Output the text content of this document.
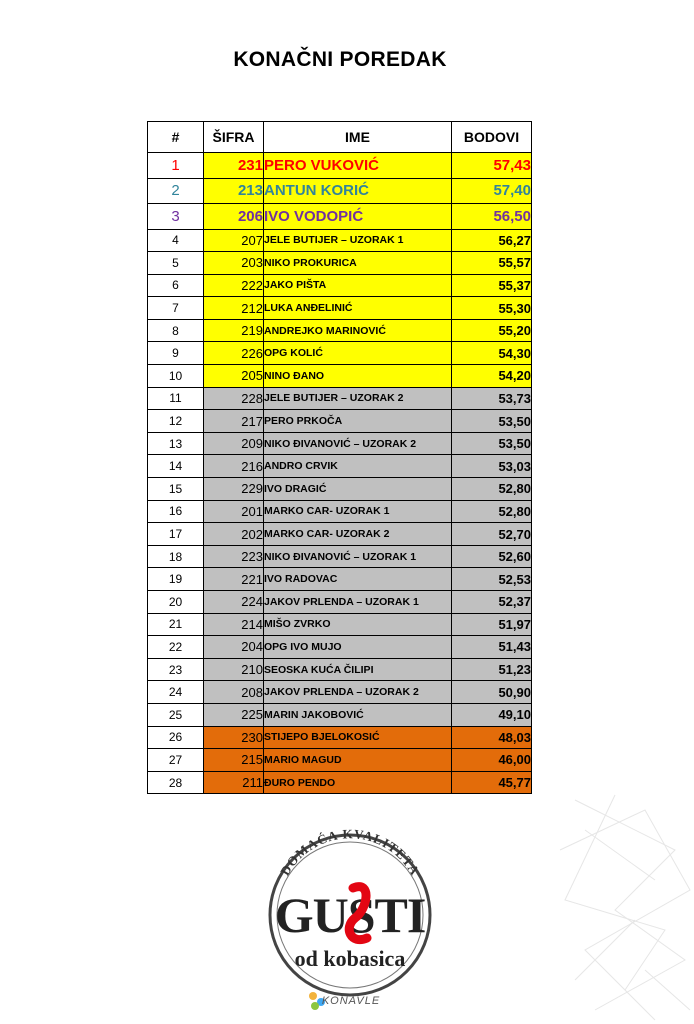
KONAČNI POREDAK
#	ŠIFRA	IME	BODOVI
1	231	PERO VUKOVIĆ	57,43
2	213	ANTUN KORIĆ	57,40
3	206	IVO VODOPIĆ	56,50
4	207	JELE BUTIJER – UZORAK 1	56,27
5	203	NIKO PROKURICA	55,57
6	222	JAKO PIŠTA	55,37
7	212	LUKA ANĐELINIĆ	55,30
8	219	ANDREJKO MARINOVIĆ	55,20
9	226	OPG KOLIĆ	54,30
10	205	NINO ĐANO	54,20
11	228	JELE BUTIJER – UZORAK 2	53,73
12	217	PERO PRKOČA	53,50
13	209	NIKO ĐIVANOVIĆ – UZORAK 2	53,50
14	216	ANDRO CRVIK	53,03
15	229	IVO DRAGIĆ	52,80
16	201	MARKO CAR- UZORAK 1	52,80
17	202	MARKO CAR- UZORAK 2	52,70
18	223	NIKO ĐIVANOVIĆ – UZORAK 1	52,60
19	221	IVO RADOVAC	52,53
20	224	JAKOV PRLENDA – UZORAK 1	52,37
21	214	MIŠO ZVRKO	51,97
22	204	OPG IVO MUJO	51,43
23	210	SEOSKA KUĆA ČILIPI	51,23
24	208	JAKOV PRLENDA – UZORAK 2	50,90
25	225	MARIN JAKOBOVIĆ	49,10
26	230	STIJEPO BJELOKOSIĆ	48,03
27	215	MARIO MAGUD	46,00
28	211	ĐURO PENDO	45,77
DOMAĆA KVALITETA
GUSTI
od kobasica
KONAVLE
